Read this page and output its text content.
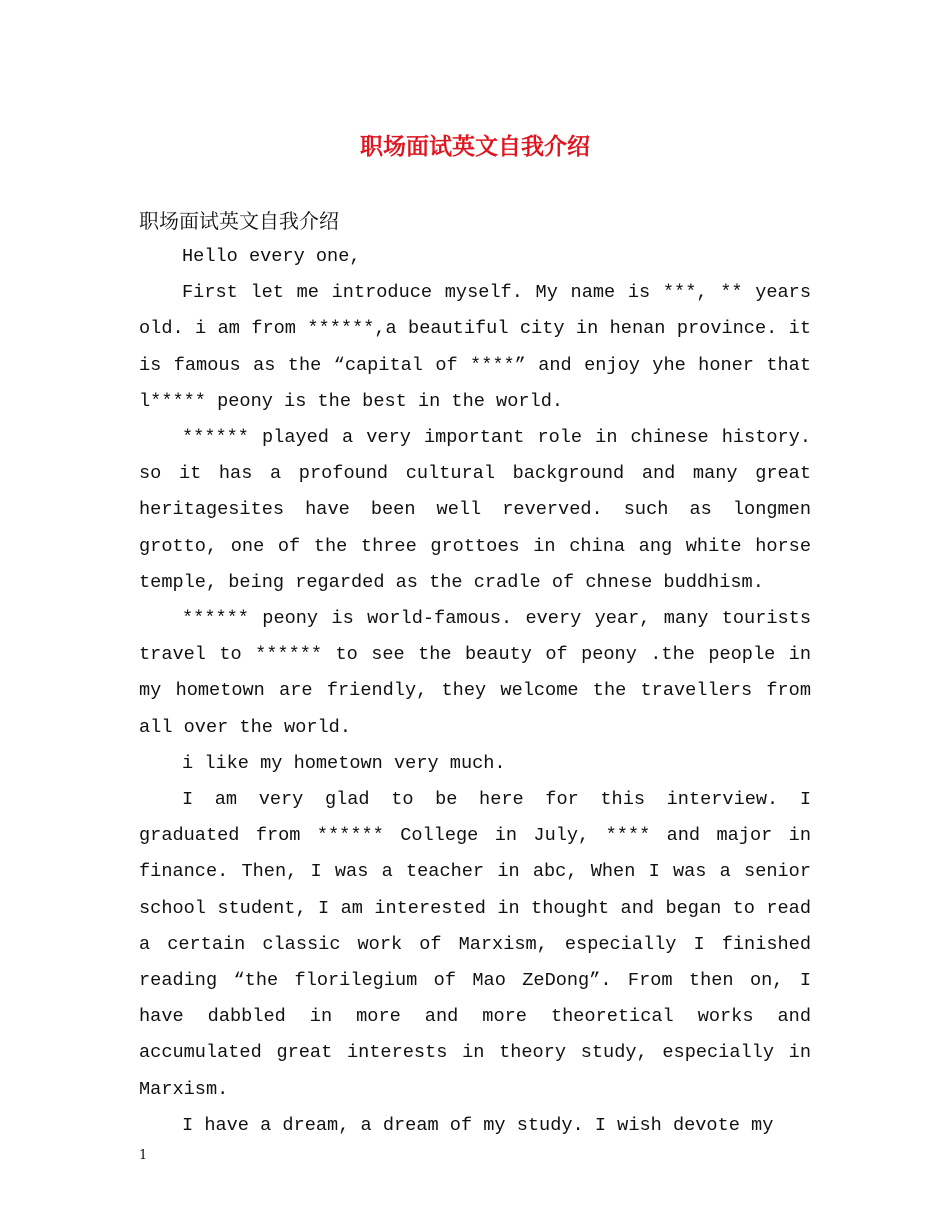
职场面试英文自我介绍

职场面试英文自我介绍

Hello every one,

First let me introduce myself. My name is ***, ** years old. i am from ******,a beautiful city in henan province. it is famous as the “capital of ****” and enjoy yhe honer that l***** peony is the best in the world.

****** played a very important role in chinese history. so it has a profound cultural background and many great heritagesites have been well reverved. such as longmen grotto, one of the three grottoes in china ang white horse temple, being regarded as the cradle of chnese buddhism.

****** peony is world-famous. every year, many tourists travel to ****** to see the beauty of peony .the people in my hometown are friendly, they welcome the travellers from all over the world.

i like my hometown very much.

I am very glad to be here for this interview. I graduated from ****** College in July, **** and major in finance. Then, I was a teacher in abc, When I was a senior school student, I am interested in thought and began to read a certain classic work of Marxism, especially I finished reading “the florilegium of Mao ZeDong”. From then on, I have dabbled in more and more theoretical works and accumulated great interests in theory study, especially in Marxism.

I have a dream, a dream of my study. I wish devote my

1
